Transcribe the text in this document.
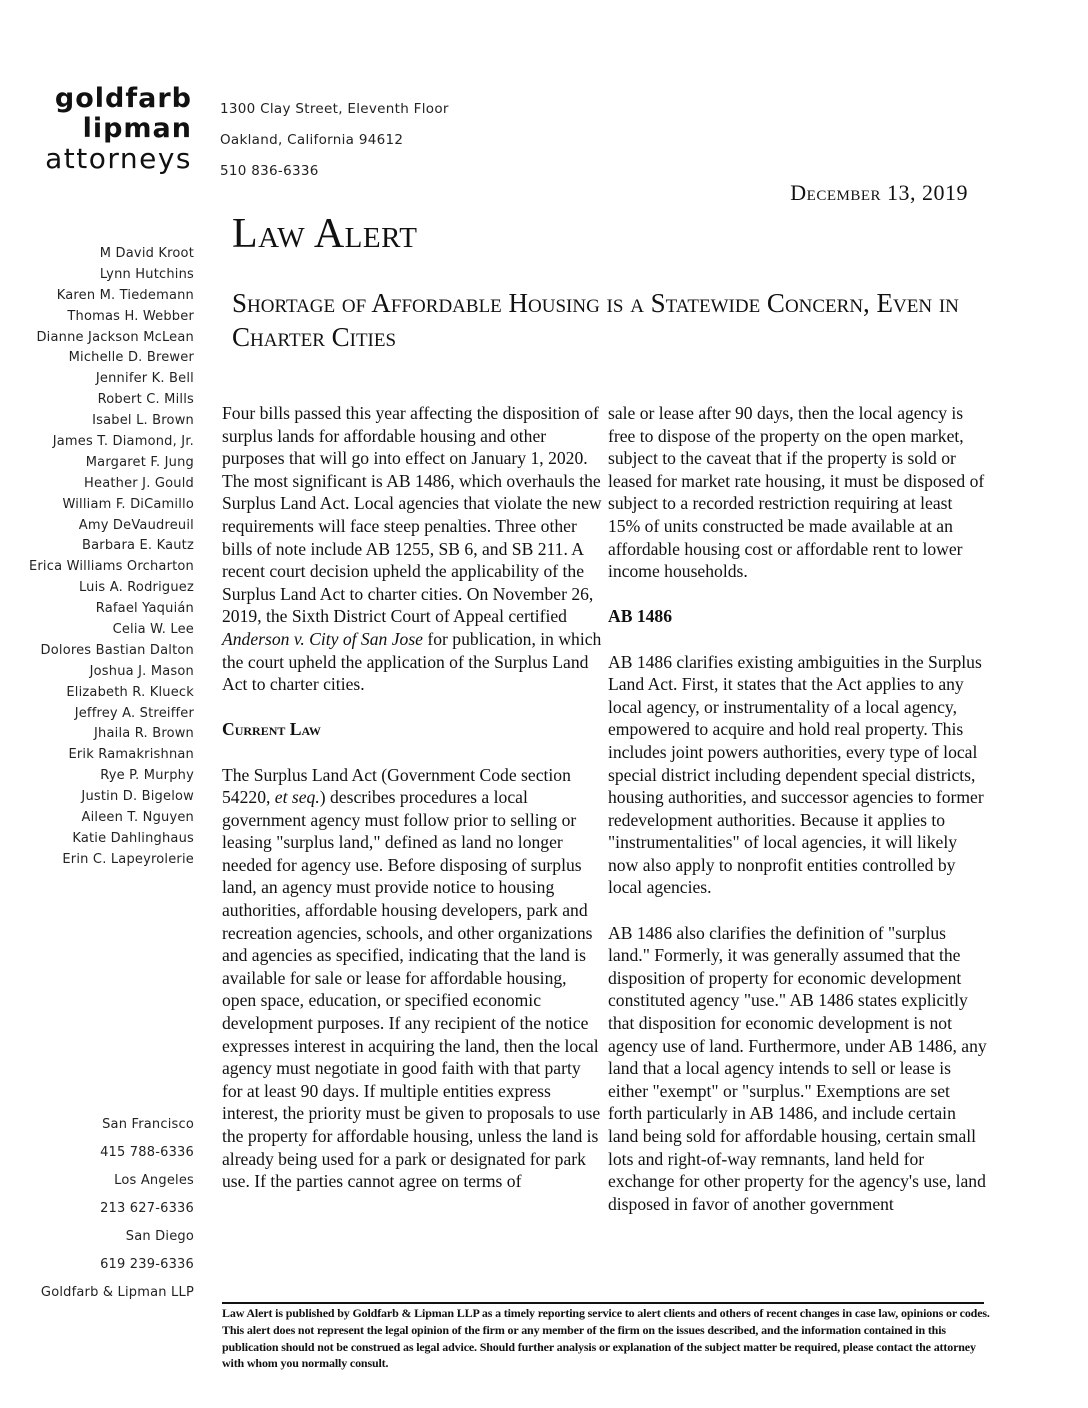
goldfarb
lipman
attorneys
1300 Clay Street, Eleventh Floor
Oakland, California 94612
510 836-6336
December 13, 2019
Law Alert
Shortage of Affordable Housing is a Statewide Concern, Even in Charter Cities
M David Kroot
Lynn Hutchins
Karen M. Tiedemann
Thomas H. Webber
Dianne Jackson McLean
Michelle D. Brewer
Jennifer K. Bell
Robert C. Mills
Isabel L. Brown
James T. Diamond, Jr.
Margaret F. Jung
Heather J. Gould
William F. DiCamillo
Amy DeVaudreuil
Barbara E. Kautz
Erica Williams Orcharton
Luis A. Rodriguez
Rafael Yaquián
Celia W. Lee
Dolores Bastian Dalton
Joshua J. Mason
Elizabeth R. Klueck
Jeffrey A. Streiffer
Jhaila R. Brown
Erik Ramakrishnan
Rye P. Murphy
Justin D. Bigelow
Aileen T. Nguyen
Katie Dahlinghaus
Erin C. Lapeyrolerie
San Francisco
415 788-6336
Los Angeles
213 627-6336
San Diego
619 239-6336
Goldfarb & Lipman LLP

Four bills passed this year affecting the disposition of surplus lands for affordable housing and other purposes that will go into effect on January 1, 2020. The most significant is AB 1486, which overhauls the Surplus Land Act. Local agencies that violate the new requirements will face steep penalties. Three other bills of note include AB 1255, SB 6, and SB 211. A recent court decision upheld the applicability of the Surplus Land Act to charter cities. On November 26, 2019, the Sixth District Court of Appeal certified Anderson v. City of San Jose for publication, in which the court upheld the application of the Surplus Land Act to charter cities.

Current Law

The Surplus Land Act (Government Code section 54220, et seq.) describes procedures a local government agency must follow prior to selling or leasing "surplus land," defined as land no longer needed for agency use. Before disposing of surplus land, an agency must provide notice to housing authorities, affordable housing developers, park and recreation agencies, schools, and other organizations and agencies as specified, indicating that the land is available for sale or lease for affordable housing, open space, education, or specified economic development purposes. If any recipient of the notice expresses interest in acquiring the land, then the local agency must negotiate in good faith with that party for at least 90 days. If multiple entities express interest, the priority must be given to proposals to use the property for affordable housing, unless the land is already being used for a park or designated for park use. If the parties cannot agree on terms of

sale or lease after 90 days, then the local agency is free to dispose of the property on the open market, subject to the caveat that if the property is sold or leased for market rate housing, it must be disposed of subject to a recorded restriction requiring at least 15% of units constructed be made available at an affordable housing cost or affordable rent to lower income households.

AB 1486

AB 1486 clarifies existing ambiguities in the Surplus Land Act. First, it states that the Act applies to any local agency, or instrumentality of a local agency, empowered to acquire and hold real property. This includes joint powers authorities, every type of local special district including dependent special districts, housing authorities, and successor agencies to former redevelopment authorities. Because it applies to "instrumentalities" of local agencies, it will likely now also apply to nonprofit entities controlled by local agencies.

AB 1486 also clarifies the definition of "surplus land." Formerly, it was generally assumed that the disposition of property for economic development constituted agency "use." AB 1486 states explicitly that disposition for economic development is not agency use of land. Furthermore, under AB 1486, any land that a local agency intends to sell or lease is either "exempt" or "surplus." Exemptions are set forth particularly in AB 1486, and include certain land being sold for affordable housing, certain small lots and right-of-way remnants, land held for exchange for other property for the agency's use, land disposed in favor of another government

Law Alert is published by Goldfarb & Lipman LLP as a timely reporting service to alert clients and others of recent changes in case law, opinions or codes. This alert does not represent the legal opinion of the firm or any member of the firm on the issues described, and the information contained in this publication should not be construed as legal advice. Should further analysis or explanation of the subject matter be required, please contact the attorney with whom you normally consult.
